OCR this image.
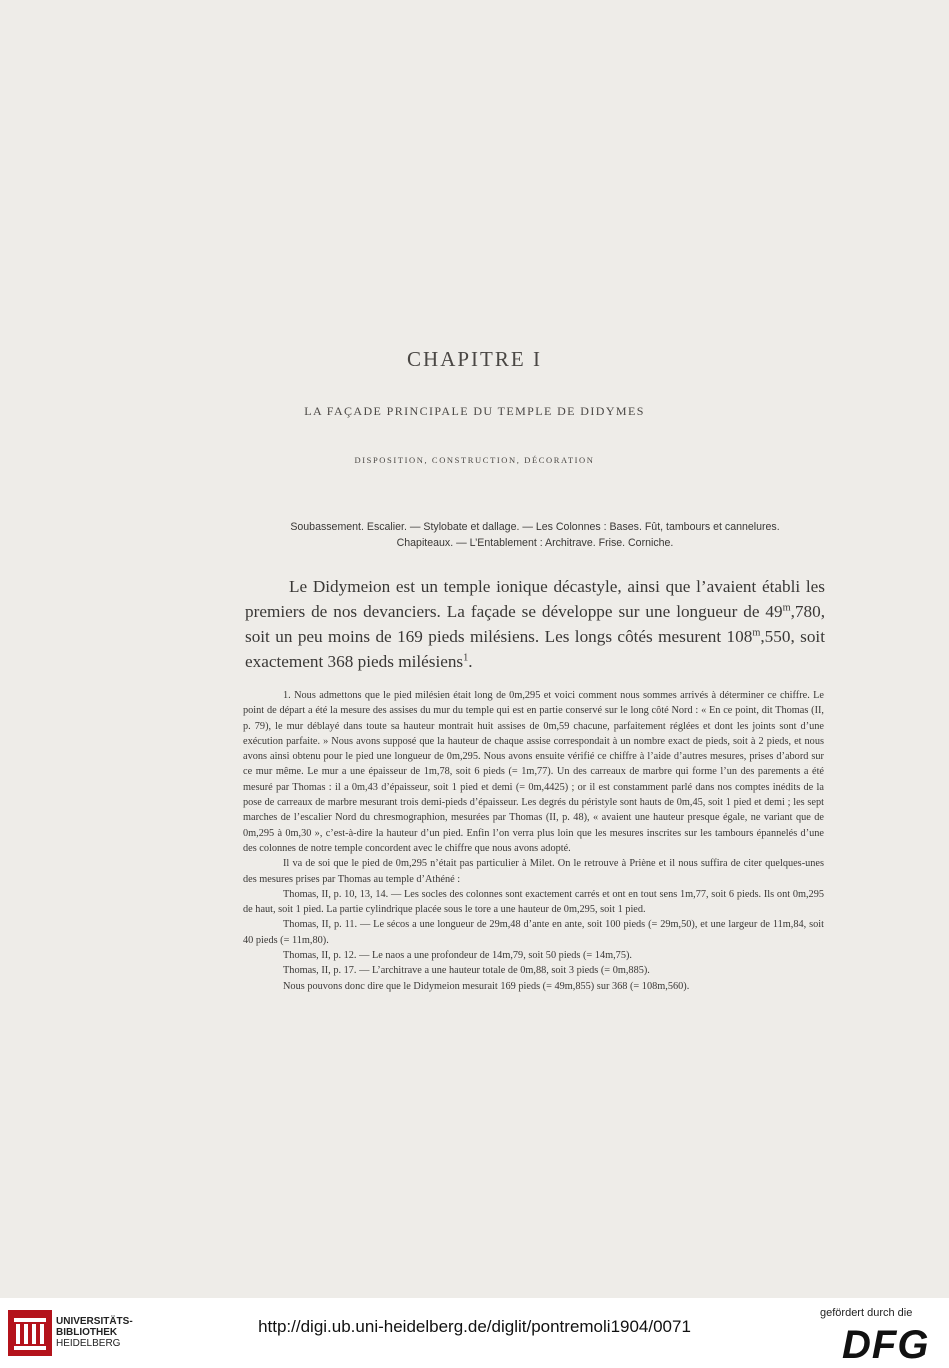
CHAPITRE I
LA FAÇADE PRINCIPALE DU TEMPLE DE DIDYMES
DISPOSITION, CONSTRUCTION, DÉCORATION

Soubassement. Escalier. — Stylobate et dallage. — Les Colonnes : Bases. Fût, tambours et cannelures.

Chapiteaux. — L’Entablement : Architrave. Frise. Corniche.

Le Didymeion est un temple ionique décastyle, ainsi que l’avaient établi les premiers de nos devanciers. La façade se développe sur une longueur de 49$^m$,780, soit un peu moins de 169 pieds milésiens. Les longs côtés mesurent 108$^m$,550, soit exactement 368 pieds milésiens$^1$.

1. Nous admettons que le pied milésien était long de 0m,295 et voici comment nous sommes arrivés à déterminer ce chiffre. Le point de départ a été la mesure des assises du mur du temple qui est en partie conservé sur le long côté Nord : « En ce point, dit Thomas (II, p. 79), le mur déblayé dans toute sa hauteur montrait huit assises de 0m,59 chacune, parfaitement réglées et dont les joints sont d’une exécution parfaite. » Nous avons supposé que la hauteur de chaque assise correspondait à un nombre exact de pieds, soit à 2 pieds, et nous avons ainsi obtenu pour le pied une longueur de 0m,295. Nous avons ensuite vérifié ce chiffre à l’aide d’autres mesures, prises d’abord sur ce mur même. Le mur a une épaisseur de 1m,78, soit 6 pieds (= 1m,77). Un des carreaux de marbre qui forme l’un des parements a été mesuré par Thomas : il a 0m,43 d’épaisseur, soit 1 pied et demi (= 0m,4425) ; or il est constamment parlé dans nos comptes inédits de la pose de carreaux de marbre mesurant trois demi-pieds d’épaisseur. Les degrés du péristyle sont hauts de 0m,45, soit 1 pied et demi ; les sept marches de l’escalier Nord du chresmographion, mesurées par Thomas (II, p. 48), « avaient une hauteur presque égale, ne variant que de 0m,295 à 0m,30 », c’est-à-dire la hauteur d’un pied. Enfin l’on verra plus loin que les mesures inscrites sur les tambours épannelés d’une des colonnes de notre temple concordent avec le chiffre que nous avons adopté.

Il va de soi que le pied de 0m,295 n’était pas particulier à Milet. On le retrouve à Priène et il nous suffira de citer quelques-unes des mesures prises par Thomas au temple d’Athéné :

Thomas, II, p. 10, 13, 14. — Les socles des colonnes sont exactement carrés et ont en tout sens 1m,77, soit 6 pieds. Ils ont 0m,295 de haut, soit 1 pied. La partie cylindrique placée sous le tore a une hauteur de 0m,295, soit 1 pied.

Thomas, II, p. 11. — Le sécos a une longueur de 29m,48 d’ante en ante, soit 100 pieds (= 29m,50), et une largeur de 11m,84, soit 40 pieds (= 11m,80).

Thomas, II, p. 12. — Le naos a une profondeur de 14m,79, soit 50 pieds (= 14m,75).

Thomas, II, p. 17. — L’architrave a une hauteur totale de 0m,88, soit 3 pieds (= 0m,885).

Nous pouvons donc dire que le Didymeion mesurait 169 pieds (= 49m,855) sur 368 (= 108m,560).

UNIVERSITÄTS-
BIBLIOTHEK
HEIDELBERG
http://digi.ub.uni-heidelberg.de/diglit/pontremoli1904/0071
gefördert durch die
DFG
